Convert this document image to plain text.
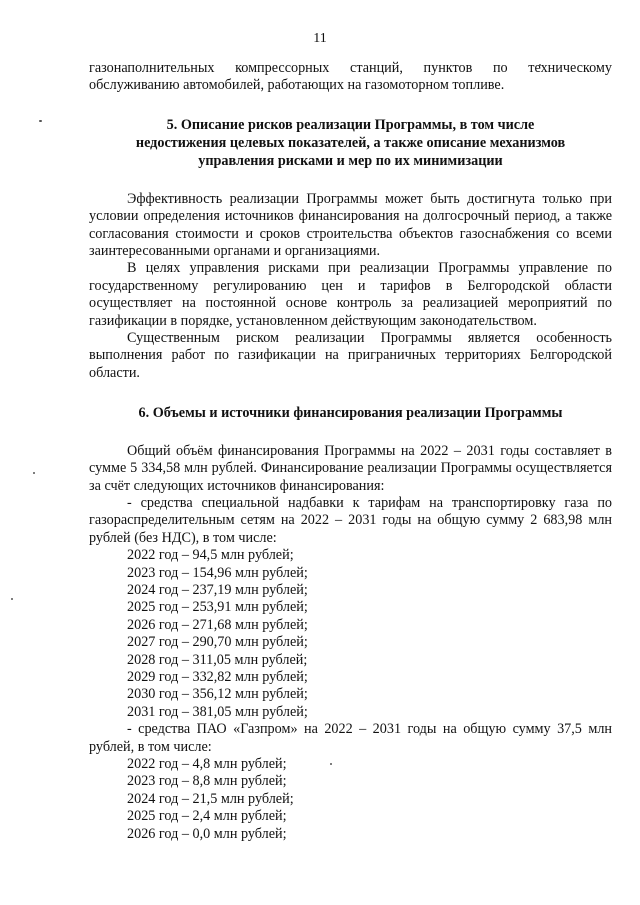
11

газонаполнительных компрессорных станций, пунктов по техническому обслуживанию автомобилей, работающих на газомоторном топливе.

5. Описание рисков реализации Программы, в том числе недостижения целевых показателей, а также описание механизмов управления рисками и мер по их минимизации

Эффективность реализации Программы может быть достигнута только при условии определения источников финансирования на долгосрочный период, а также согласования стоимости и сроков строительства объектов газоснабжения со всеми заинтересованными органами и организациями.

В целях управления рисками при реализации Программы управление по государственному регулированию цен и тарифов в Белгородской области осуществляет на постоянной основе контроль за реализацией мероприятий по газификации в порядке, установленном действующим законодательством.

Существенным риском реализации Программы является особенность выполнения работ по газификации на приграничных территориях Белгородской области.

6. Объемы и источники финансирования реализации Программы

Общий объём финансирования Программы на 2022 – 2031 годы составляет в сумме 5 334,58 млн рублей. Финансирование реализации Программы осуществляется за счёт следующих источников финансирования:

- средства специальной надбавки к тарифам на транспортировку газа по газораспределительным сетям на 2022 – 2031 годы на общую сумму 2 683,98 млн рублей (без НДС), в том числе:

2022 год – 94,5 млн рублей;

2023 год – 154,96 млн рублей;

2024 год – 237,19 млн рублей;

2025 год – 253,91 млн рублей;

2026 год – 271,68 млн рублей;

2027 год – 290,70 млн рублей;

2028 год – 311,05 млн рублей;

2029 год – 332,82 млн рублей;

2030 год – 356,12 млн рублей;

2031 год – 381,05 млн рублей;

- средства ПАО «Газпром» на 2022 – 2031 годы на общую сумму 37,5 млн рублей, в том числе:

2022 год – 4,8 млн рублей;

2023 год – 8,8 млн рублей;

2024 год – 21,5 млн рублей;

2025 год – 2,4 млн рублей;

2026 год – 0,0 млн рублей;
